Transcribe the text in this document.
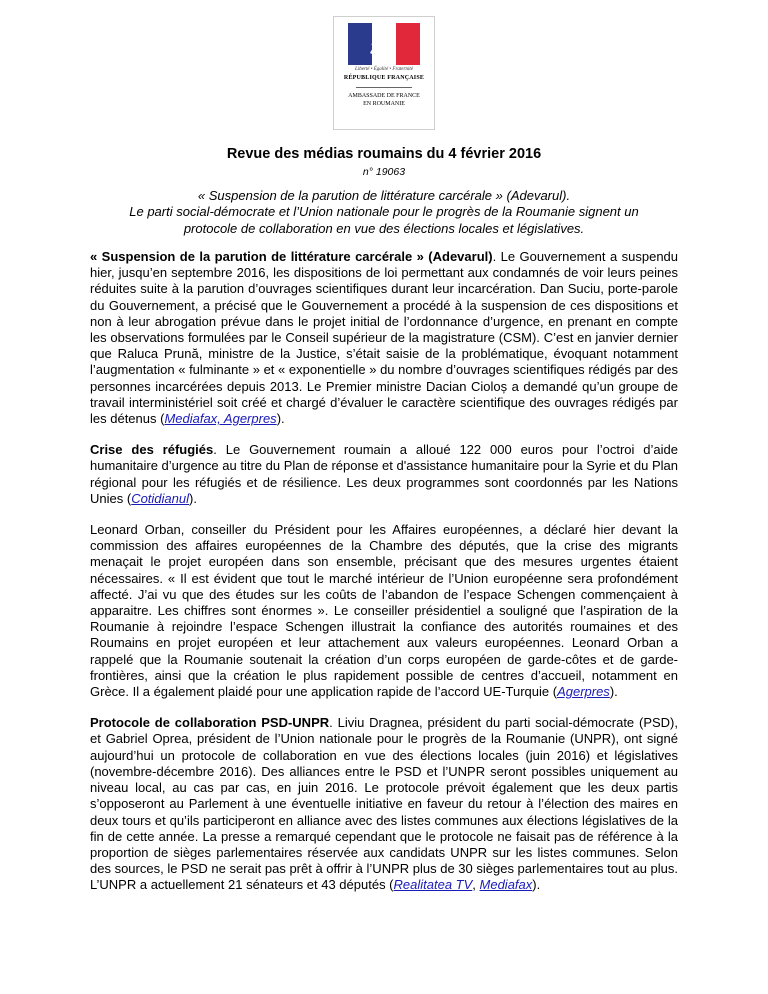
Liberté • Égalité • Fraternité
RÉPUBLIQUE FRANÇAISE
AMBASSADE DE FRANCE
EN ROUMANIE
Revue des médias roumains du 4 février 2016
n° 19063
« Suspension de la parution de littérature carcérale » (Adevarul).
Le parti social-démocrate et l’Union nationale pour le progrès de la Roumanie signent un
protocole de collaboration en vue des élections locales et législatives.

« Suspension de la parution de littérature carcérale » (Adevarul). Le Gouvernement a suspendu hier, jusqu’en septembre 2016, les dispositions de loi permettant aux condamnés de voir leurs peines réduites suite à la parution d’ouvrages scientifiques durant leur incarcération. Dan Suciu, porte-parole du Gouvernement, a précisé que le Gouvernement a procédé à la suspension de ces dispositions et non à leur abrogation prévue dans le projet initial de l’ordonnance d’urgence, en prenant en compte les observations formulées par le Conseil supérieur de la magistrature (CSM). C’est en janvier dernier que Raluca Prună, ministre de la Justice, s’était saisie de la problématique, évoquant notamment l’augmentation « fulminante » et « exponentielle » du nombre d’ouvrages scientifiques rédigés par des personnes incarcérées depuis 2013. Le Premier ministre Dacian Cioloș a demandé qu’un groupe de travail interministériel soit créé et chargé d’évaluer le caractère scientifique des ouvrages rédigés par les détenus (Mediafax, Agerpres).

Crise des réfugiés. Le Gouvernement roumain a alloué 122 000 euros pour l’octroi d’aide humanitaire d’urgence au titre du Plan de réponse et d'assistance humanitaire pour la Syrie et du Plan régional pour les réfugiés et de résilience. Les deux programmes sont coordonnés par les Nations Unies (Cotidianul).

Leonard Orban, conseiller du Président pour les Affaires européennes, a déclaré hier devant la commission des affaires européennes de la Chambre des députés, que la crise des migrants menaçait le projet européen dans son ensemble, précisant que des mesures urgentes étaient nécessaires. « Il est évident que tout le marché intérieur de l’Union européenne sera profondément affecté. J’ai vu que des études sur les coûts de l’abandon de l’espace Schengen commençaient à apparaitre. Les chiffres sont énormes ». Le conseiller présidentiel a souligné que l’aspiration de la Roumanie à rejoindre l’espace Schengen illustrait la confiance des autorités roumaines et des Roumains en projet européen et leur attachement aux valeurs européennes. Leonard Orban a rappelé que la Roumanie soutenait la création d’un corps européen de garde-côtes et de garde-frontières, ainsi que la création le plus rapidement possible de centres d’accueil, notamment en Grèce. Il a également plaidé pour une application rapide de l’accord UE-Turquie (Agerpres).

Protocole de collaboration PSD-UNPR. Liviu Dragnea, président du parti social-démocrate (PSD), et Gabriel Oprea, président de l’Union nationale pour le progrès de la Roumanie (UNPR), ont signé aujourd’hui un protocole de collaboration en vue des élections locales (juin 2016) et législatives (novembre-décembre 2016). Des alliances entre le PSD et l’UNPR seront possibles uniquement au niveau local, au cas par cas, en juin 2016. Le protocole prévoit également que les deux partis s’opposeront au Parlement à une éventuelle initiative en faveur du retour à l’élection des maires en deux tours et qu’ils participeront en alliance avec des listes communes aux élections législatives de la fin de cette année. La presse a remarqué cependant que le protocole ne faisait pas de référence à la proportion de sièges parlementaires réservée aux candidats UNPR sur les listes communes. Selon des sources, le PSD ne serait pas prêt à offrir à l’UNPR plus de 30 sièges parlementaires tout au plus. L’UNPR a actuellement 21 sénateurs et 43 députés (Realitatea TV, Mediafax).
